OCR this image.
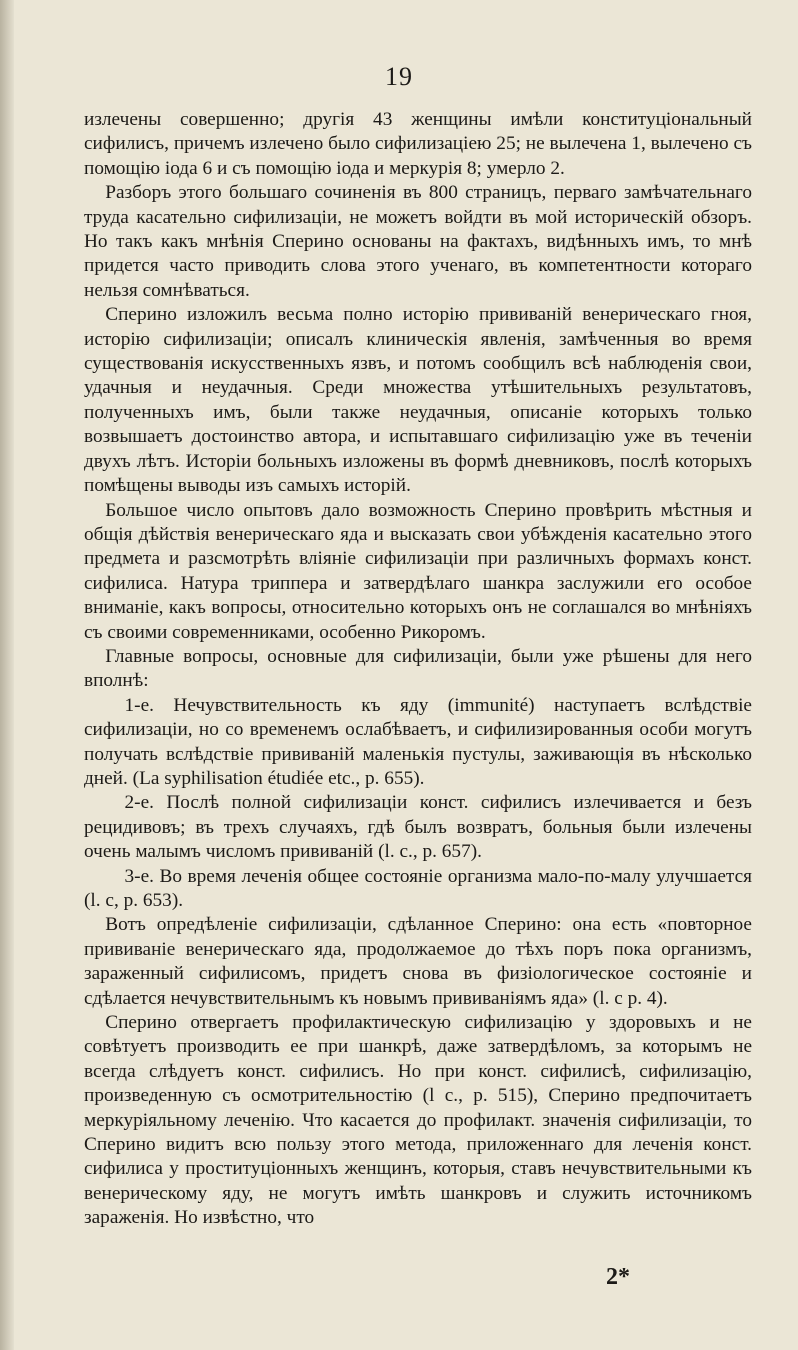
19

излечены совершенно; другія 43 женщины имѣли конституціональный сифилисъ, причемъ излечено было сифилизаціею 25; не вылечена 1, вылечено съ помощію іода 6 и съ помощію іода и меркурія 8; умерло 2.

Разборъ этого большаго сочиненія въ 800 страницъ, перваго замѣчательнаго труда касательно сифилизаціи, не можетъ войдти въ мой историческій обзоръ. Но такъ какъ мнѣнія Сперино основаны на фактахъ, видѣнныхъ имъ, то мнѣ придется часто приводить слова этого ученаго, въ компетентности котораго нельзя сомнѣваться.

Сперино изложилъ весьма полно исторію прививаній венерическаго гноя, исторію сифилизаціи; описалъ клиническія явленія, замѣченныя во время существованія искусственныхъ язвъ, и потомъ сообщилъ всѣ наблюденія свои, удачныя и неудачныя. Среди множества утѣшительныхъ результатовъ, полученныхъ имъ, были также неудачныя, описаніе которыхъ только возвышаетъ достоинство автора, и испытавшаго сифилизацію уже въ теченіи двухъ лѣтъ. Исторіи больныхъ изложены въ формѣ дневниковъ, послѣ которыхъ помѣщены выводы изъ самыхъ исторій.

Большое число опытовъ дало возможность Сперино провѣрить мѣстныя и общія дѣйствія венерическаго яда и высказать свои убѣжденія касательно этого предмета и разсмотрѣть вліяніе сифилизаціи при различныхъ формахъ конст. сифилиса. Натура триппера и затвердѣлаго шанкра заслужили его особое вниманіе, какъ вопросы, относительно которыхъ онъ не соглашался во мнѣніяхъ съ своими современниками, особенно Рикоромъ.

Главные вопросы, основные для сифилизаціи, были уже рѣшены для него вполнѣ:

1-е. Нечувствительность къ яду (immunité) наступаетъ вслѣдствіе сифилизаціи, но со временемъ ослабѣваетъ, и сифилизированныя особи могутъ получать вслѣдствіе прививаній маленькія пустулы, заживающія въ нѣсколько дней. (La syphilisation étudiée etc., p. 655).

2-е. Послѣ полной сифилизаціи конст. сифилисъ излечивается и безъ рецидивовъ; въ трехъ случаяхъ, гдѣ былъ возвратъ, больныя были излечены очень малымъ числомъ прививаній (l. c., p. 657).

3-е. Во время леченія общее состояніе организма мало-по-малу улучшается (l. c, p. 653).

Вотъ опредѣленіе сифилизаціи, сдѣланное Сперино: она есть «повторное прививаніе венерическаго яда, продолжаемое до тѣхъ поръ пока организмъ, зараженный сифилисомъ, придетъ снова въ физіологическое состояніе и сдѣлается нечувствительнымъ къ новымъ прививаніямъ яда» (l. c p. 4).

Сперино отвергаетъ профилактическую сифилизацію у здоровыхъ и не совѣтуетъ производить ее при шанкрѣ, даже затвердѣломъ, за которымъ не всегда слѣдуетъ конст. сифилисъ. Но при конст. сифилисѣ, сифилизацію, произведенную съ осмотрительностію (l c., p. 515), Сперино предпочитаетъ меркуріяльному леченію. Что касается до профилакт. значенія сифилизаціи, то Сперино видитъ всю пользу этого метода, приложеннаго для леченія конст. сифилиса у проституціонныхъ женщинъ, которыя, ставъ нечувствительными къ венерическому яду, не могутъ имѣть шанкровъ и служить источникомъ зараженія. Но извѣстно, что

2*
